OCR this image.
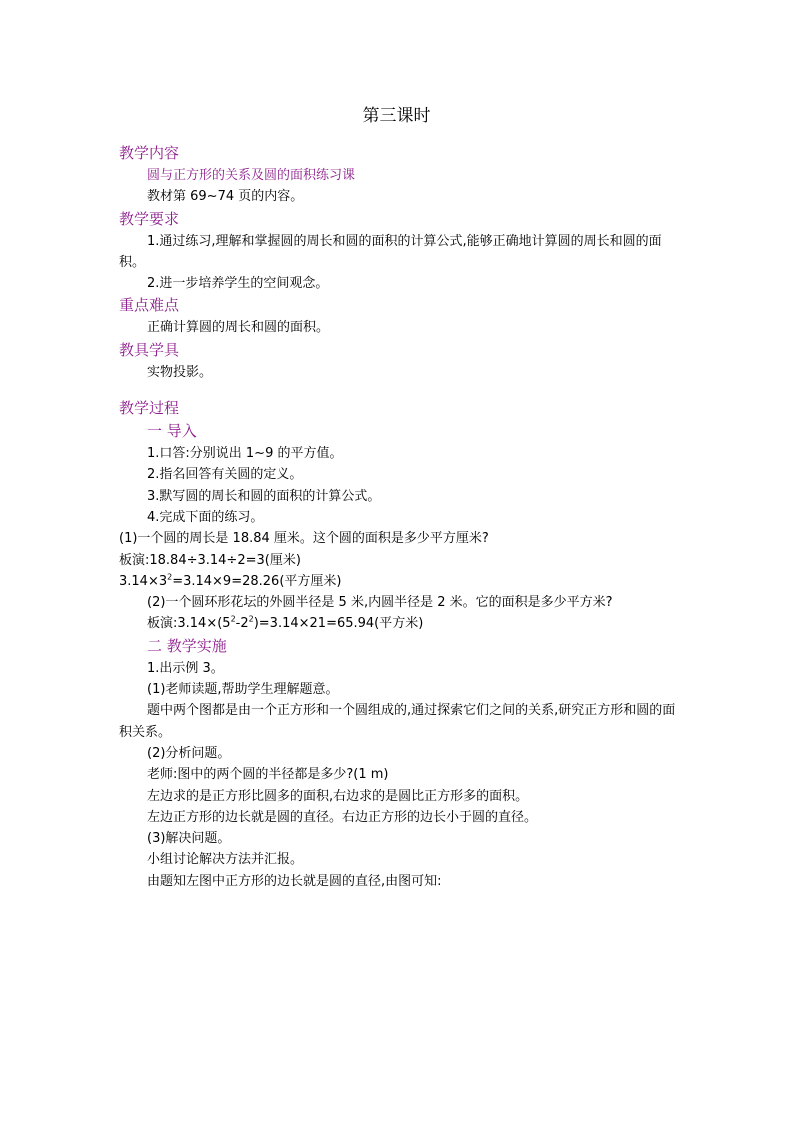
第三课时
教学内容
圆与正方形的关系及圆的面积练习课
教材第 69~74 页的内容。
教学要求
1.通过练习,理解和掌握圆的周长和圆的面积的计算公式,能够正确地计算圆的周长和圆的面积。
2.进一步培养学生的空间观念。
重点难点
正确计算圆的周长和圆的面积。
教具学具
实物投影。
教学过程
一 导入
1.口答:分别说出 1~9 的平方值。
2.指名回答有关圆的定义。
3.默写圆的周长和圆的面积的计算公式。
4.完成下面的练习。
(1)一个圆的周长是 18.84 厘米。这个圆的面积是多少平方厘米?
板演:18.84÷3.14÷2=3(厘米)
$3.14\times 3^2=3.14\times 9=28.26$(平方厘米)
(2)一个圆环形花坛的外圆半径是 5 米,内圆半径是 2 米。它的面积是多少平方米?
板演$:3.14\times(5^2-2^2)=3.14\times 21=65.94$(平方米)
二 教学实施
1.出示例 3。
(1)老师读题,帮助学生理解题意。
题中两个图都是由一个正方形和一个圆组成的,通过探索它们之间的关系,研究正方形和圆的面积关系。
(2)分析问题。
老师:图中的两个圆的半径都是多少?(1 m)
左边求的是正方形比圆多的面积,右边求的是圆比正方形多的面积。
左边正方形的边长就是圆的直径。右边正方形的边长小于圆的直径。
(3)解决问题。
小组讨论解决方法并汇报。
由题知左图中正方形的边长就是圆的直径,由图可知:
